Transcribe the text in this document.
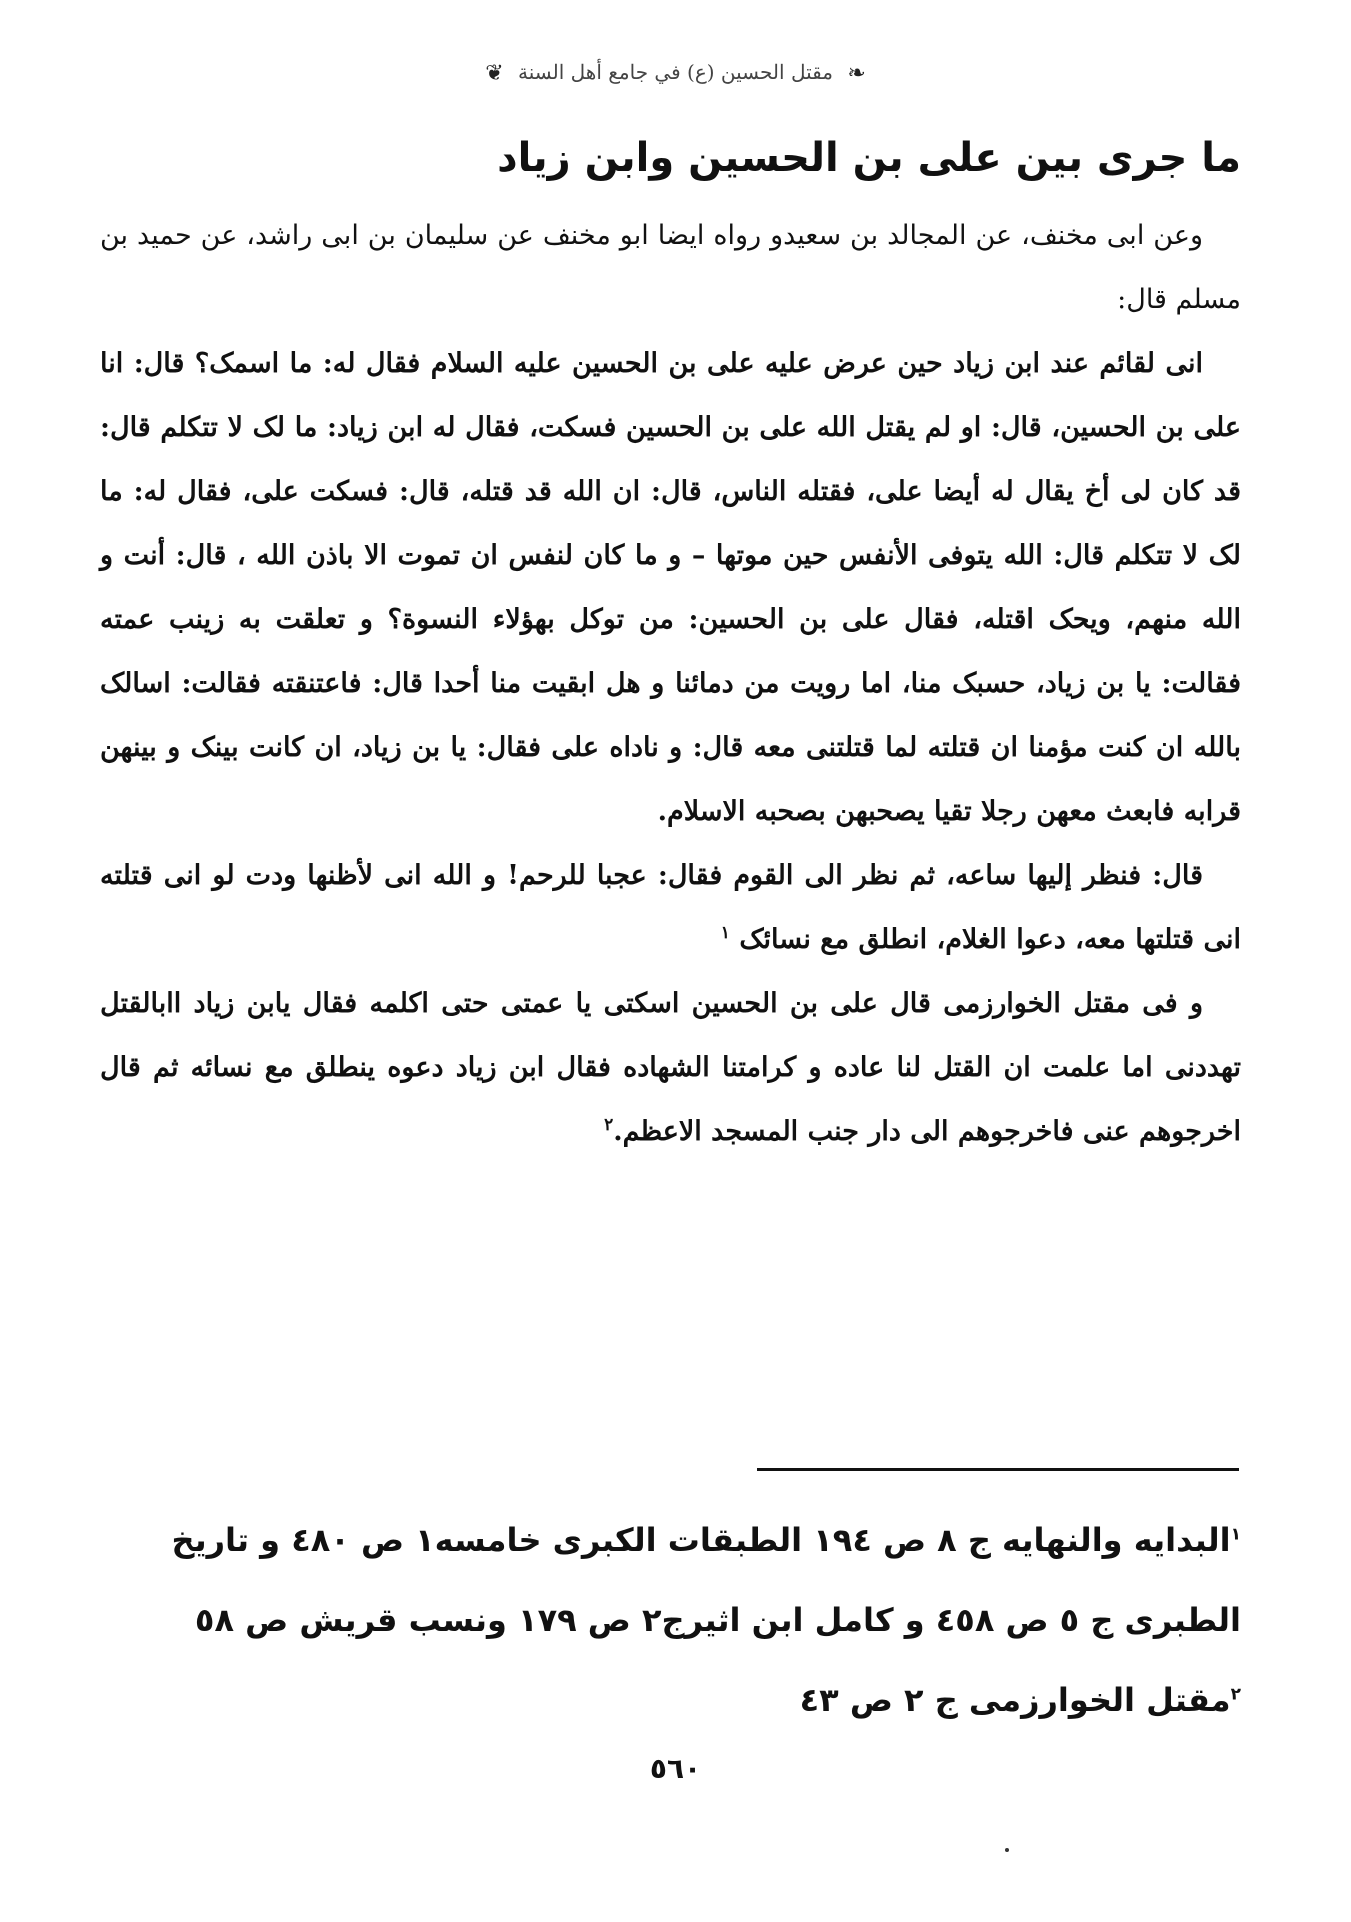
❧ مقتل الحسين (ع) في جامع أهل السنة ❦
ما جرى بين على بن الحسين وابن زياد

وعن ابى مخنف، عن المجالد بن سعيدو رواه ايضا ابو مخنف عن سليمان بن ابى راشد، عن حميد بن مسلم قال:

انى لقائم عند ابن زياد حين عرض عليه على بن الحسين عليه السلام فقال له: ما اسمک؟ قال: انا على بن الحسين، قال: او لم يقتل الله على بن الحسين فسکت، فقال له ابن زياد: ما لک لا تتکلم قال: قد کان لى أخ يقال له أيضا على، فقتله الناس، قال: ان الله قد قتله، قال: فسکت على، فقال له: ما لک لا تتکلم قال: الله يتوفى الأنفس حين موتها – و ما کان لنفس ان تموت الا باذن الله ، قال: أنت و الله منهم، ويحک اقتله، فقال على بن الحسين: من توکل بهؤلاء النسوة؟ و تعلقت به زينب عمته فقالت: يا بن زياد، حسبک منا، اما رويت من دمائنا و هل ابقيت منا أحدا قال: فاعتنقته فقالت: اسالک بالله ان کنت مؤمنا ان قتلته لما قتلتنى معه قال: و ناداه على فقال: يا بن زياد، ان کانت بينک و بينهن قرابه فابعث معهن رجلا تقيا يصحبهن بصحبه الاسلام.

قال: فنظر إليها ساعه، ثم نظر الى القوم فقال: عجبا للرحم! و الله انى لأظنها ودت لو انى قتلته انى قتلتها معه، دعوا الغلام، انطلق مع نسائک $^١$

و فى مقتل الخوارزمى قال على بن الحسين اسکتى يا عمتى حتى اکلمه فقال يابن زياد اابالقتل تهددنى اما علمت ان القتل لنا عاده و کرامتنا الشهاده فقال ابن زياد دعوه ينطلق مع نسائه ثم قال اخرجوهم عنى فاخرجوهم الى دار جنب المسجد الاعظم.$^٢$

$^١$البدايه والنهايه ج ٨ ص ١٩٤ الطبقات الکبرى خامسه١ ص ٤٨٠ و تاريخ الطبرى ج ٥ ص ٤٥٨ و کامل ابن اثيرج٢ ص ١٧٩ ونسب قريش ص ٥٨

$^٢$مقتل الخوارزمى ج ٢ ص ٤٣

٥٦٠
